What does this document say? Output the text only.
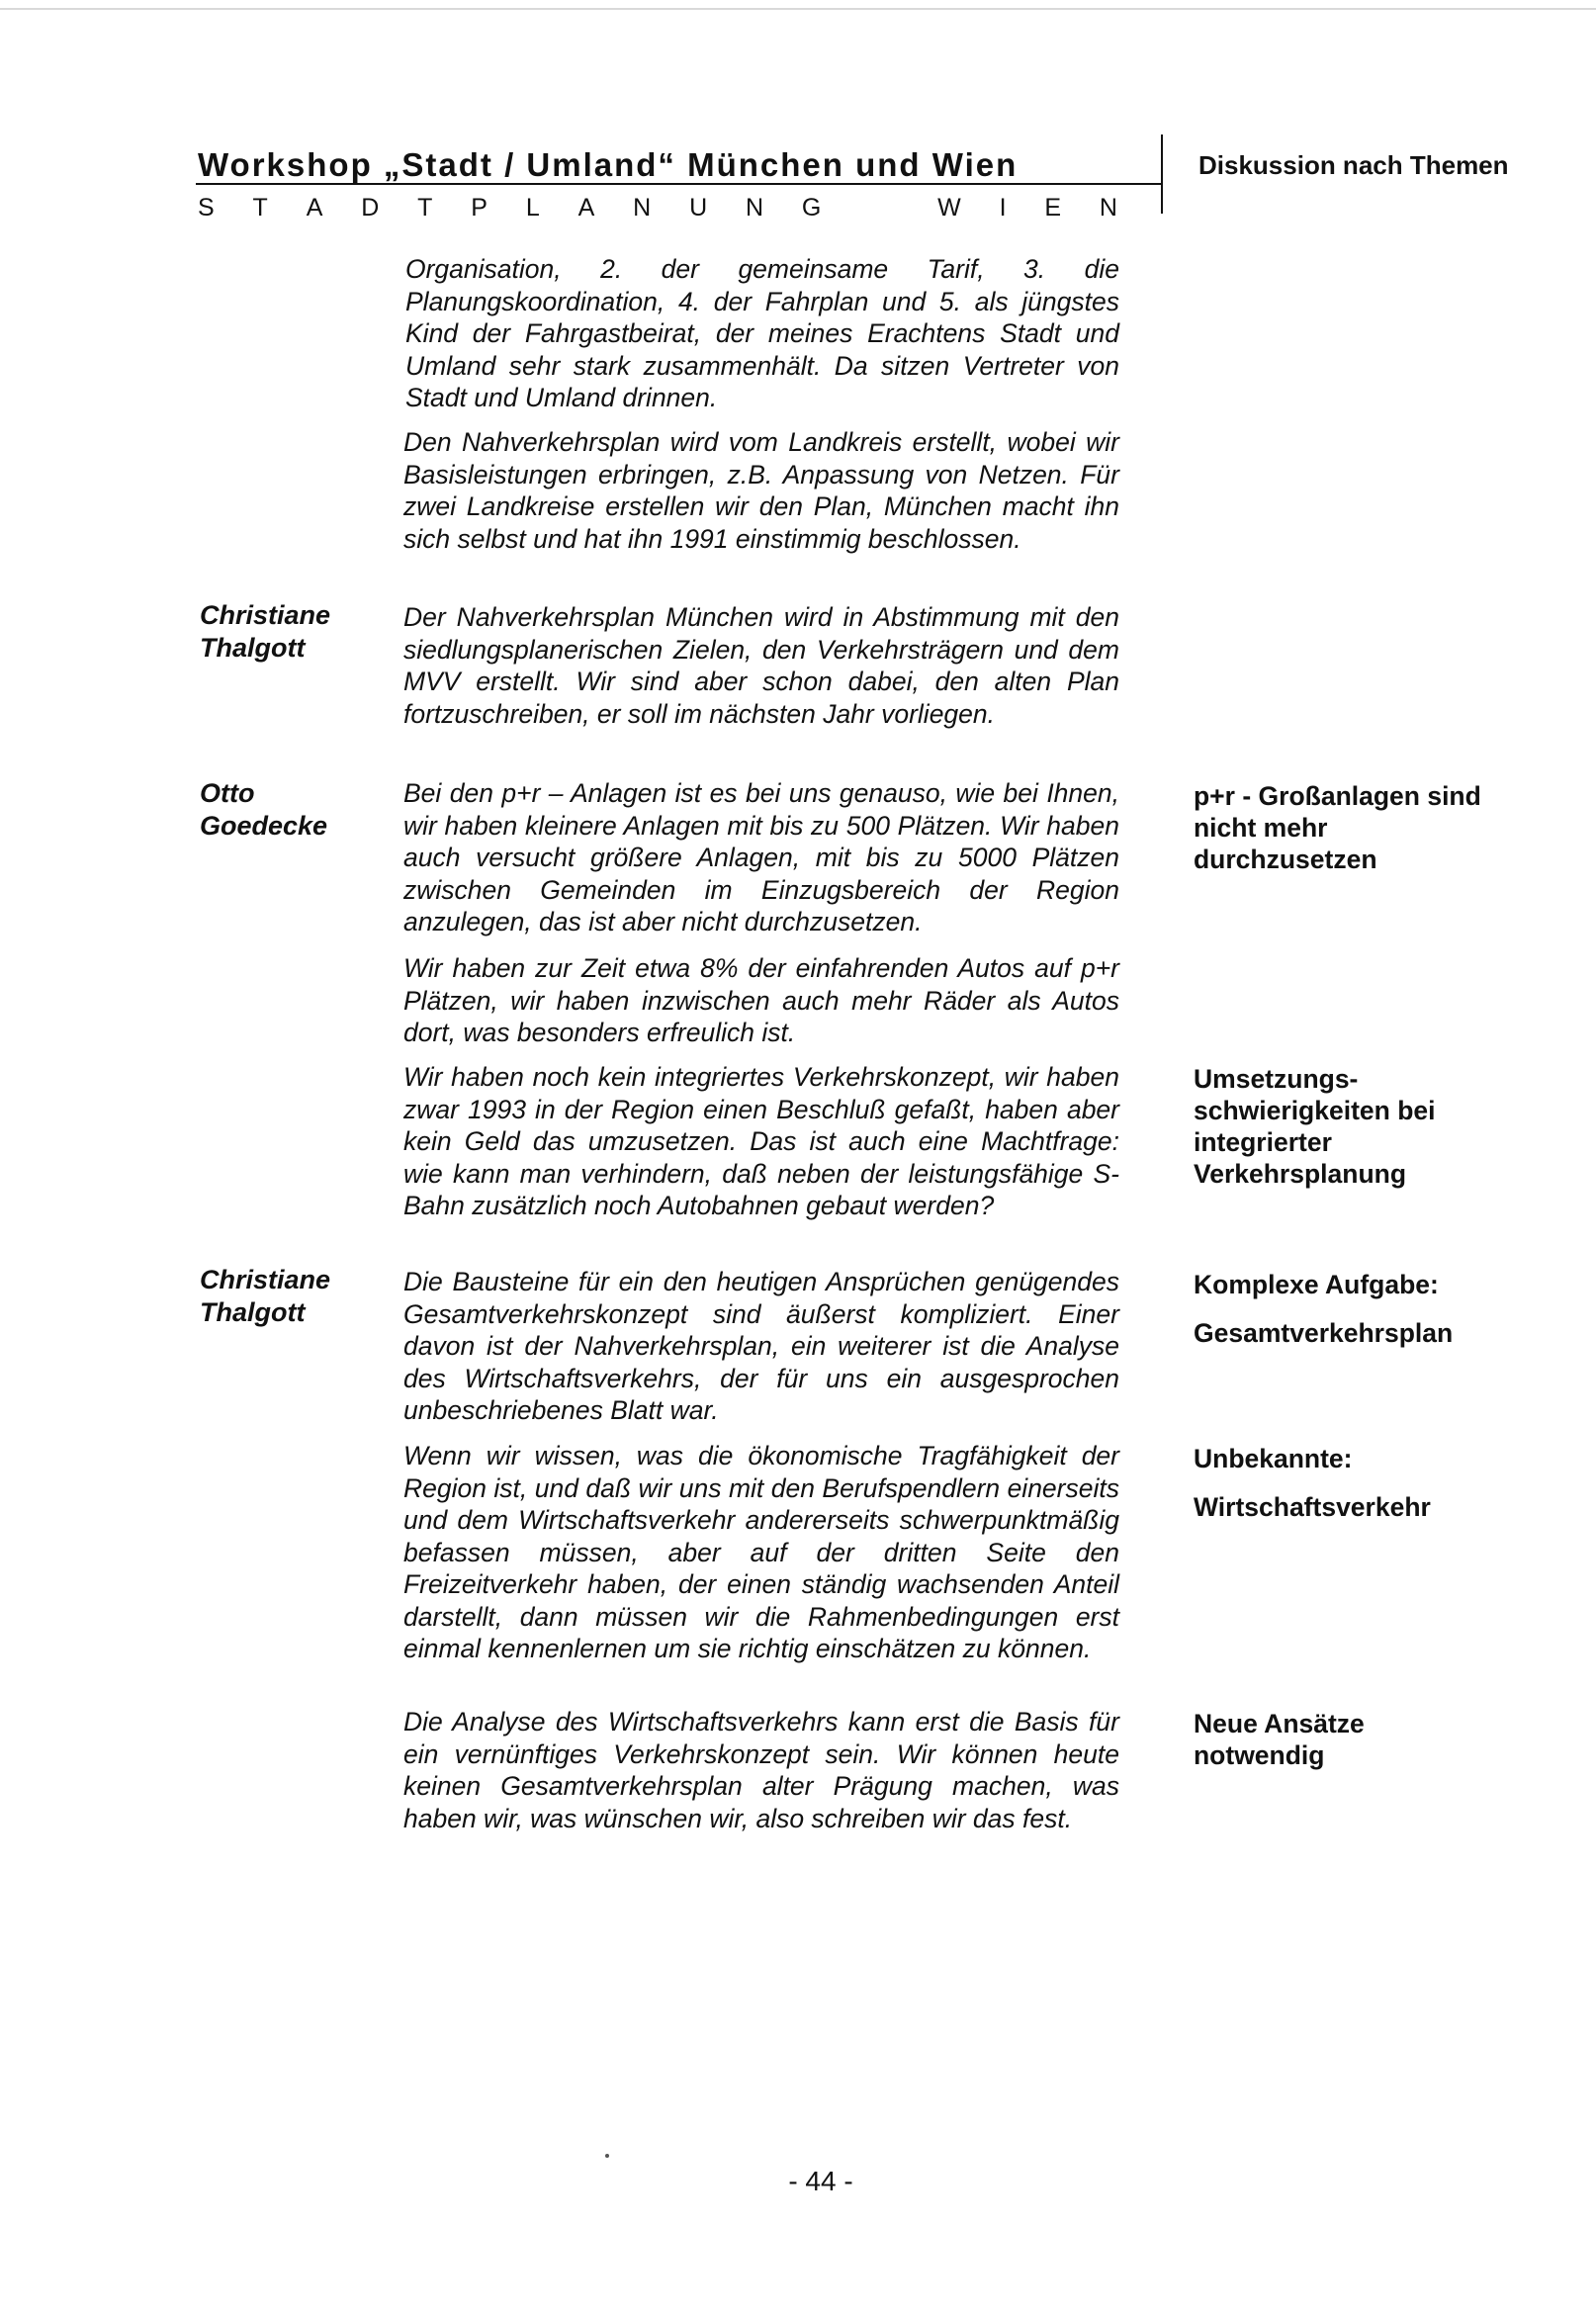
Workshop „Stadt / Umland“ München und Wien
S T A D T P L A N U N G	W I E N
Diskussion nach Themen
Christiane
Thalgott
Otto
Goedecke
Christiane
Thalgott
Organisation, 2. der gemeinsame Tarif, 3. die Planungskoordination, 4. der Fahrplan und 5. als jüngstes Kind der Fahrgastbeirat, der meines Erachtens Stadt und Umland sehr stark zusammenhält. Da sitzen Vertreter von Stadt und Umland drinnen.
Den Nahverkehrsplan wird vom Landkreis erstellt, wobei wir Basisleistungen erbringen, z.B. Anpassung von Netzen. Für zwei Landkreise erstellen wir den Plan, München macht ihn sich selbst und hat ihn 1991 einstimmig beschlossen.
Der Nahverkehrsplan München wird in Abstimmung mit den siedlungsplanerischen Zielen, den Verkehrsträgern und dem MVV erstellt. Wir sind aber schon dabei, den alten Plan fortzuschreiben, er soll im nächsten Jahr vorliegen.
Bei den p+r – Anlagen ist es bei uns genauso, wie bei Ihnen, wir haben kleinere Anlagen mit bis zu 500 Plätzen. Wir haben auch versucht größere Anlagen, mit bis zu 5000 Plätzen zwischen Gemeinden im Einzugsbereich der Region anzulegen, das ist aber nicht durchzusetzen.
Wir haben zur Zeit etwa 8% der einfahrenden Autos auf p+r Plätzen, wir haben inzwischen auch mehr Räder als Autos dort, was besonders erfreulich ist.
Wir haben noch kein integriertes Verkehrskonzept, wir haben zwar 1993 in der Region einen Beschluß gefaßt, haben aber kein Geld das umzusetzen. Das ist auch eine Machtfrage: wie kann man verhindern, daß neben der leistungsfähige S-Bahn zusätzlich noch Autobahnen gebaut werden?
Die Bausteine für ein den heutigen Ansprüchen genügendes Gesamtverkehrskonzept sind äußerst kompliziert. Einer davon ist der Nahverkehrsplan, ein weiterer ist die Analyse des Wirtschaftsverkehrs, der für uns ein ausgesprochen unbeschriebenes Blatt war.
Wenn wir wissen, was die ökonomische Tragfähigkeit der Region ist, und daß wir uns mit den Berufspendlern einerseits und dem Wirtschaftsverkehr andererseits schwerpunktmäßig befassen müssen, aber auf der dritten Seite den Freizeitverkehr haben, der einen ständig wachsenden Anteil darstellt, dann müssen wir die Rahmenbedingungen erst einmal kennenlernen um sie richtig einschätzen zu können.
Die Analyse des Wirtschaftsverkehrs kann erst die Basis für ein vernünftiges Verkehrskonzept sein. Wir können heute keinen Gesamtverkehrsplan alter Prägung machen, was haben wir, was wünschen wir, also schreiben wir das fest.
p+r - Großanlagen sind
nicht mehr
durchzusetzen
Umsetzungs-
schwierigkeiten bei
integrierter
Verkehrsplanung
Komplexe Aufgabe:
Gesamtverkehrsplan
Unbekannte:
Wirtschaftsverkehr
Neue Ansätze
notwendig
- 44 -
